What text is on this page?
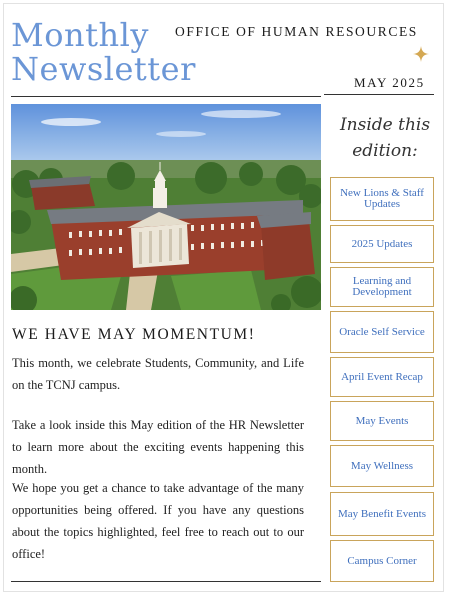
Monthly
Newsletter
OFFICE OF HUMAN RESOURCES
MAY 2025
Inside this
edition:
WE HAVE MAY MOMENTUM!

This month, we celebrate Students, Community, and Life on the TCNJ campus.

Take a look inside this May edition of the HR Newsletter to learn more about the exciting events happening this month.

We hope you get a chance to take advantage of the many opportunities being offered. If you have any questions about the topics highlighted, feel free to reach out to our office!

New Lions & Staff Updates
2025 Updates
Learning and Development
Oracle Self Service
April Event Recap
May Events
May Wellness
May Benefit Events
Campus Corner
